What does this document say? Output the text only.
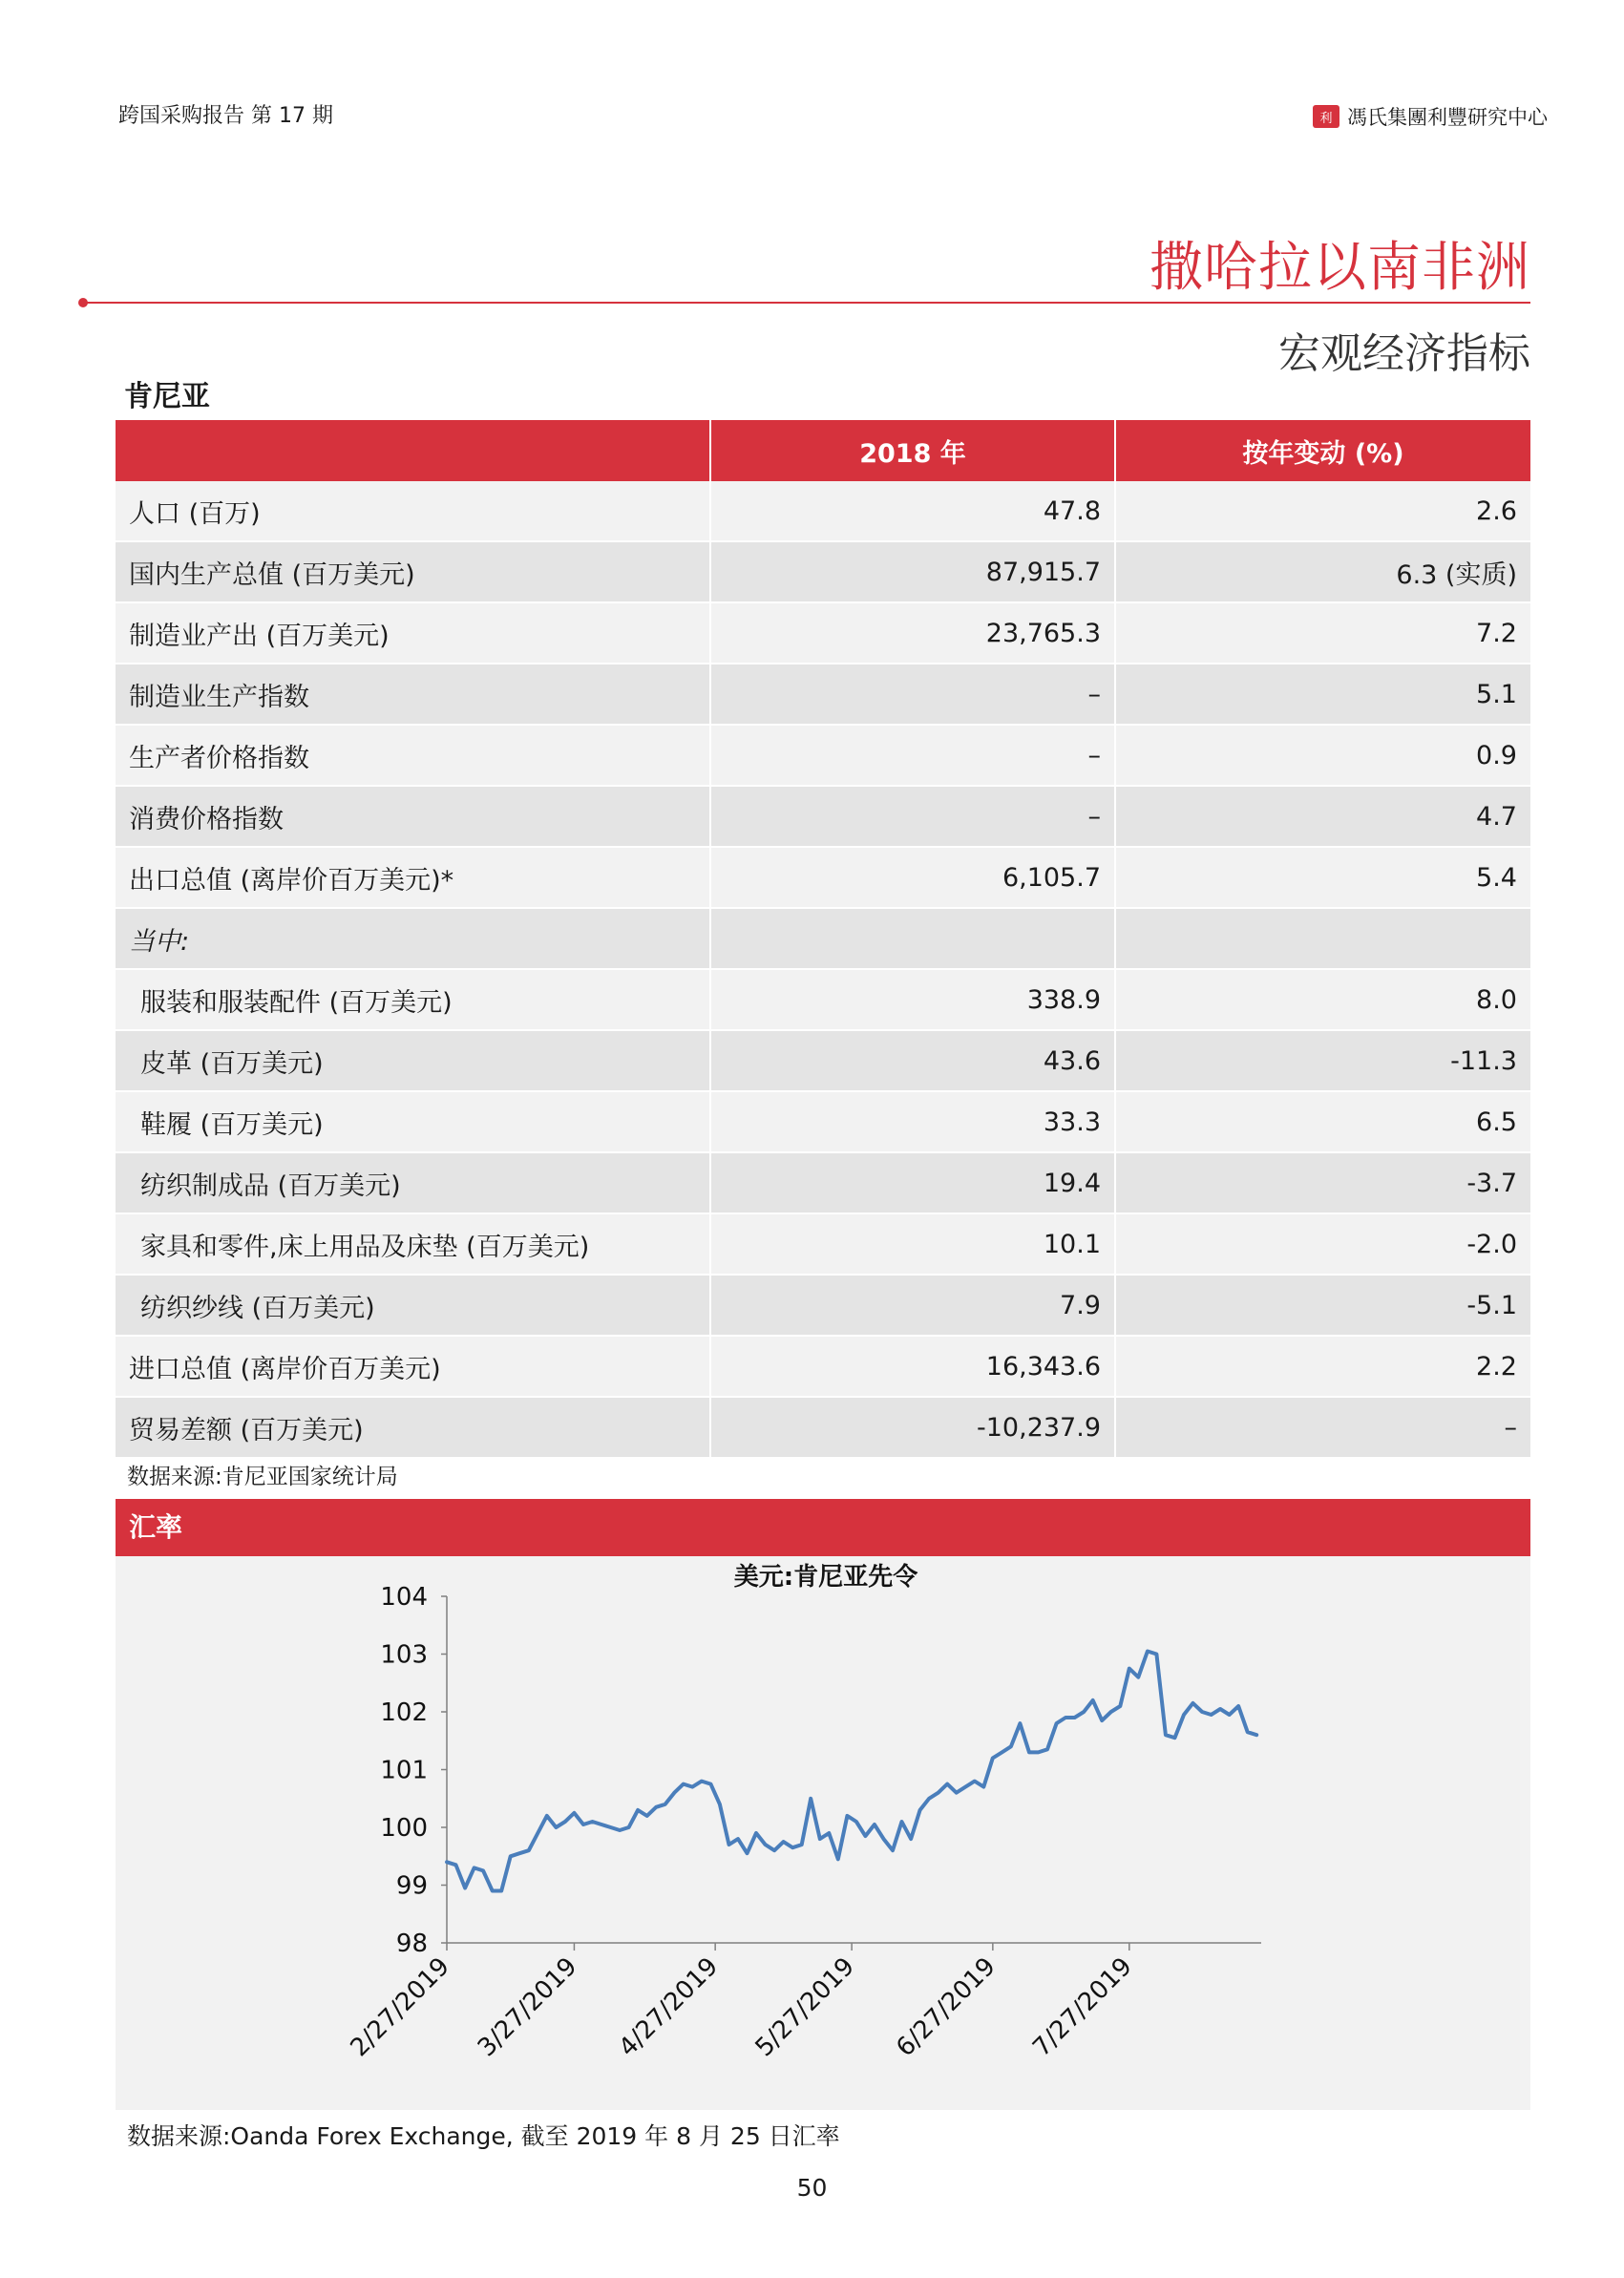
跨国采购报告 第 17 期	利 馮氏集團利豐研究中心
撒哈拉以南非洲
宏观经济指标
肯尼亚
	2018 年	按年变动 (%)
人口 (百万)	47.8	2.6
国内生产总值 (百万美元)	87,915.7	6.3 (实质)
制造业产出 (百万美元)	23,765.3	7.2
制造业生产指数	–	5.1
生产者价格指数	–	0.9
消费价格指数	–	4.7
出口总值 (离岸价百万美元)*	6,105.7	5.4
当中:		
服装和服装配件 (百万美元)	338.9	8.0
皮革 (百万美元)	43.6	-11.3
鞋履 (百万美元)	33.3	6.5
纺织制成品 (百万美元)	19.4	-3.7
家具和零件,床上用品及床垫 (百万美元)	10.1	-2.0
纺织纱线 (百万美元)	7.9	-5.1
进口总值 (离岸价百万美元)	16,343.6	2.2
贸易差额 (百万美元)	-10,237.9	–
数据来源:肯尼亚国家统计局
汇率
美元:肯尼亚先令
98
99
100
101
102
103
104
2/27/2019 3/27/2019 4/27/2019 5/27/2019 6/27/2019 7/27/2019
数据来源:Oanda Forex Exchange, 截至 2019 年 8 月 25 日汇率
50
